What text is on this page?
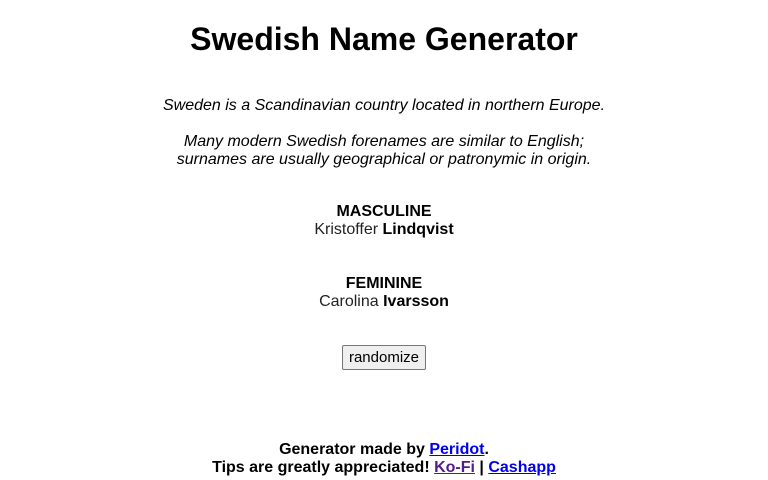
Swedish Name Generator
Sweden is a Scandinavian country located in northern Europe.
Many modern Swedish forenames are similar to English;
surnames are usually geographical or patronymic in origin.
MASCULINE
Kristoffer Lindqvist
FEMININE
Carolina Ivarsson
randomize
Generator made by Peridot.
Tips are greatly appreciated! Ko-Fi | Cashapp
